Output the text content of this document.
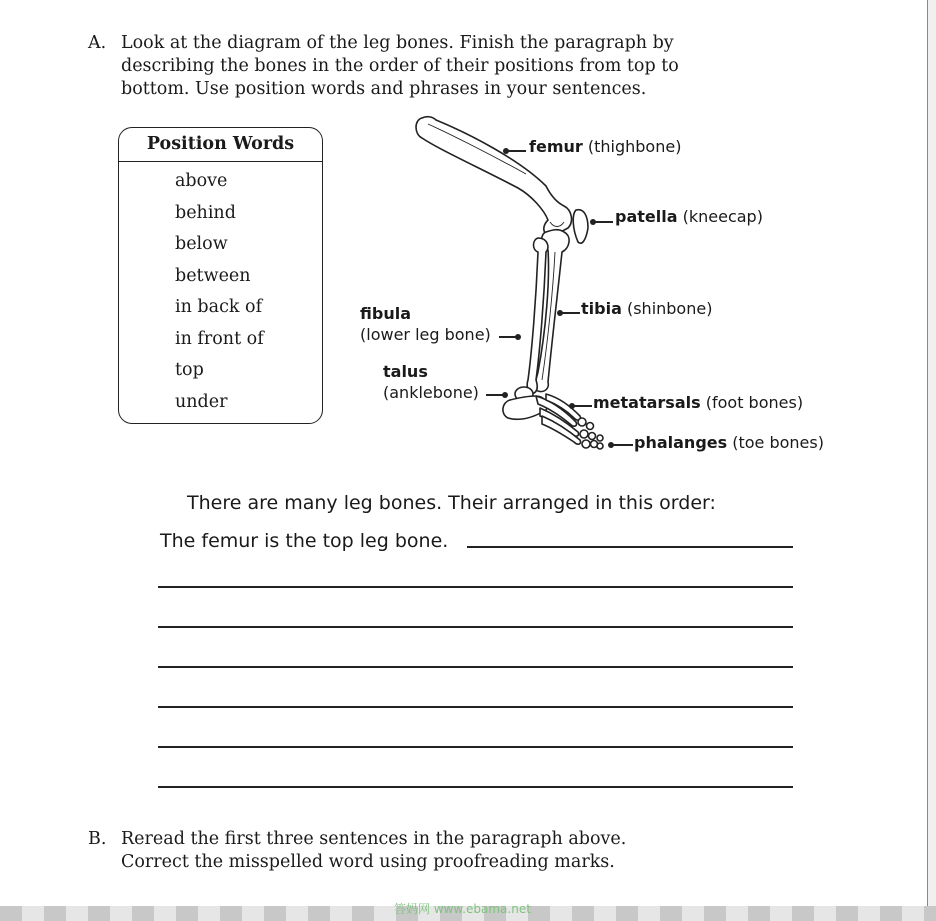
A. Look at the diagram of the leg bones. Finish the paragraph by
describing the bones in the order of their positions from top to
bottom. Use position words and phrases in your sentences.
Position Words
above
behind
below
between
in back of
in front of
top
under
femur (thighbone)
patella (kneecap)
tibia (shinbone)
fibula
(lower leg bone)
talus
(anklebone)
metatarsals (foot bones)
phalanges (toe bones)
There are many leg bones. Their arranged in this order:
The femur is the top leg bone.
B. Reread the first three sentences in the paragraph above.
Correct the misspelled word using proofreading marks.
答妈网 www.ebama.net
